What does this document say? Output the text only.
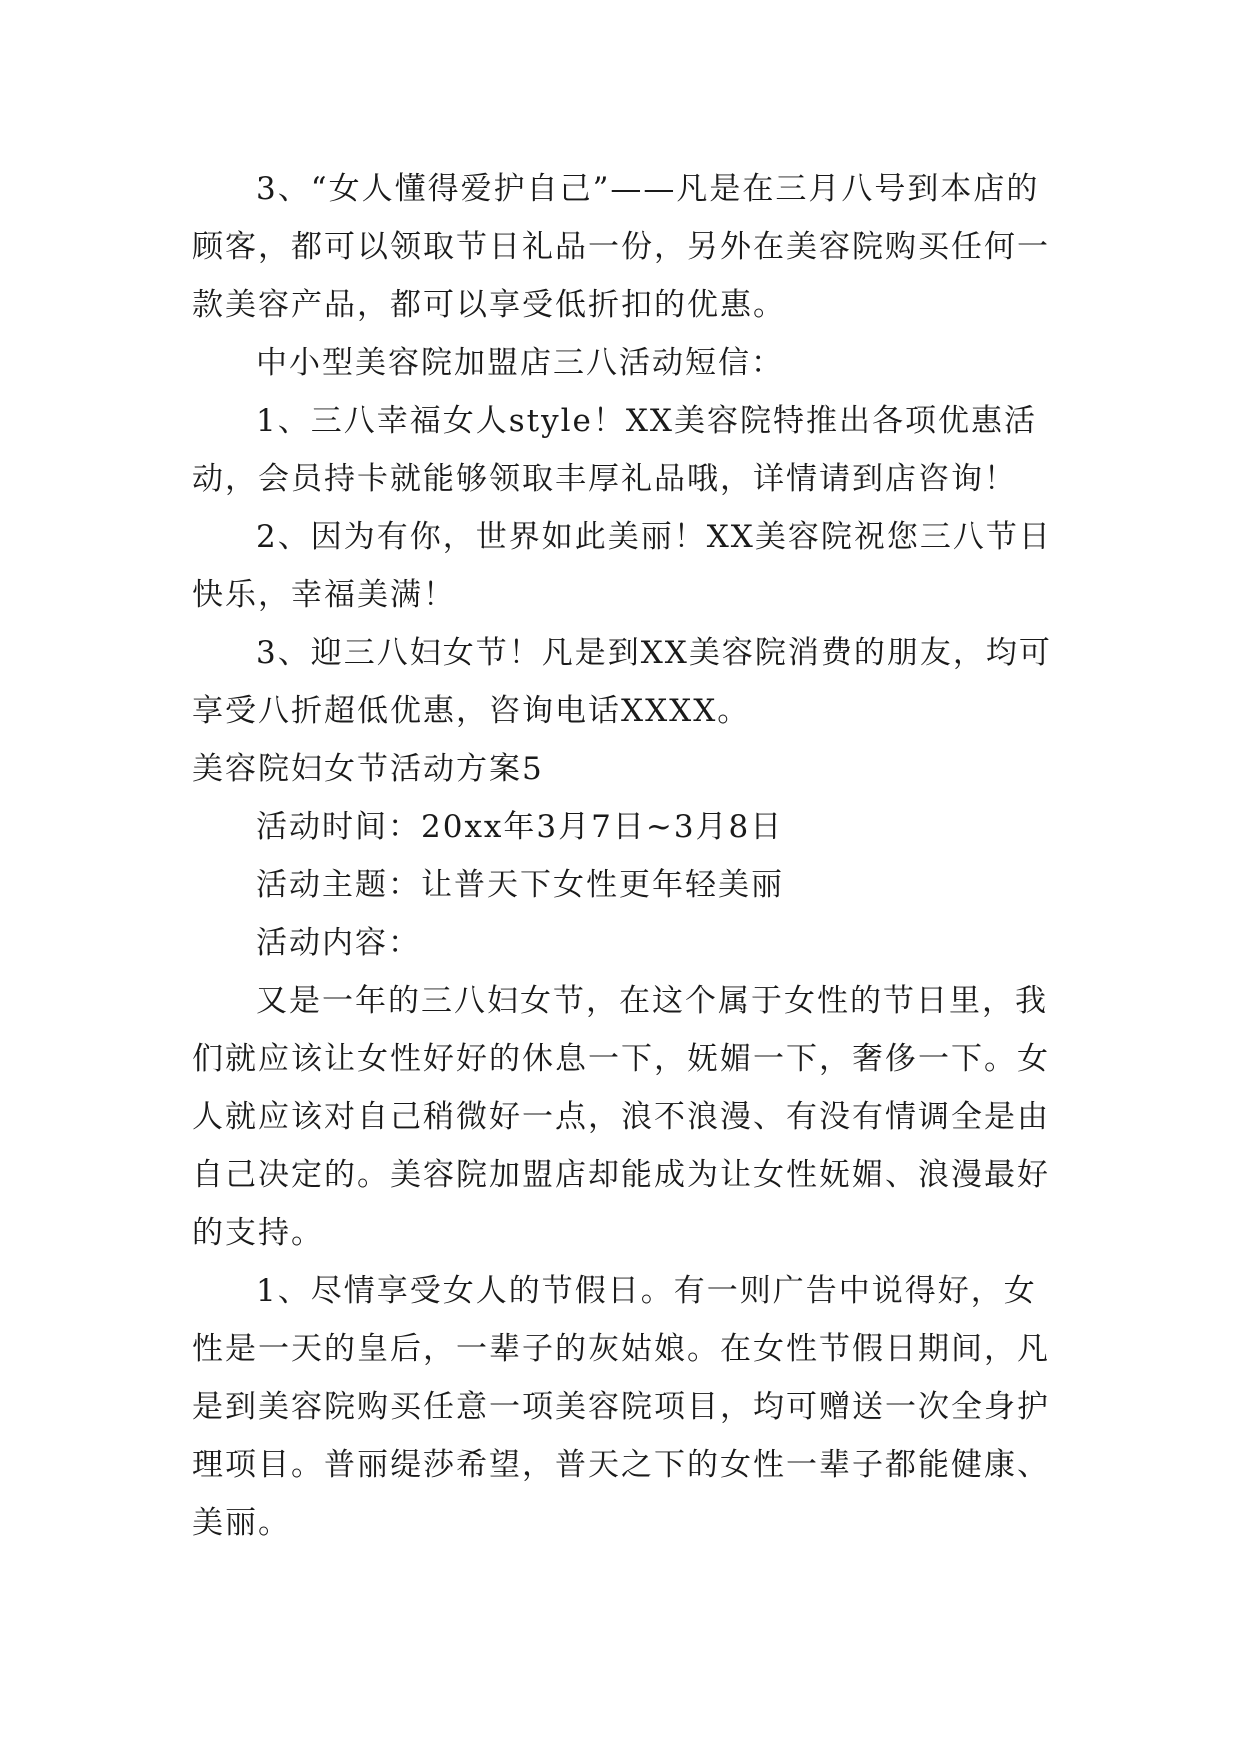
3、“女人懂得爱护自己”——凡是在三月八号到本店的顾客，都可以领取节日礼品一份，另外在美容院购买任何一款美容产品，都可以享受低折扣的优惠。

中小型美容院加盟店三八活动短信：

1、三八幸福女人style！XX美容院特推出各项优惠活动，会员持卡就能够领取丰厚礼品哦，详情请到店咨询！

2、因为有你，世界如此美丽！XX美容院祝您三八节日快乐，幸福美满！

3、迎三八妇女节！凡是到XX美容院消费的朋友，均可享受八折超低优惠，咨询电话XXXX。

美容院妇女节活动方案5

活动时间：20xx年3月7日~3月8日

活动主题：让普天下女性更年轻美丽

活动内容：

又是一年的三八妇女节，在这个属于女性的节日里，我们就应该让女性好好的休息一下，妩媚一下，奢侈一下。女人就应该对自己稍微好一点，浪不浪漫、有没有情调全是由自己决定的。美容院加盟店却能成为让女性妩媚、浪漫最好的支持。

1、尽情享受女人的节假日。有一则广告中说得好，女性是一天的皇后，一辈子的灰姑娘。在女性节假日期间，凡是到美容院购买任意一项美容院项目，均可赠送一次全身护理项目。普丽缇莎希望，普天之下的女性一辈子都能健康、美丽。
